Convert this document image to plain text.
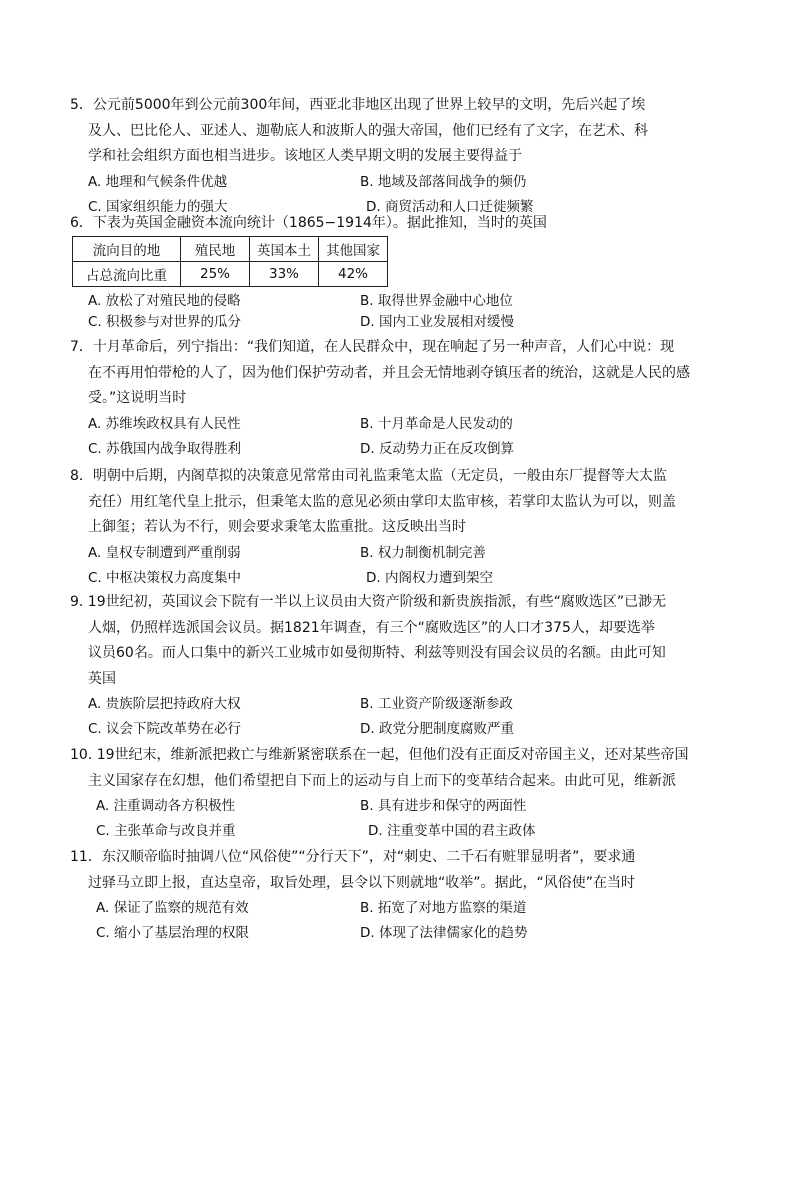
5．公元前5000年到公元前300年间，西亚北非地区出现了世界上较早的文明，先后兴起了埃
及人、巴比伦人、亚述人、迦勒底人和波斯人的强大帝国，他们已经有了文字，在艺术、科
学和社会组织方面也相当进步。该地区人类早期文明的发展主要得益于
A. 地理和气候条件优越	B. 地域及部落间战争的频仍
C. 国家组织能力的强大	D. 商贸活动和人口迁徙频繁
6．下表为英国金融资本流向统计（1865−1914年）。据此推知，当时的英国
流向目的地	殖民地	英国本土	其他国家
占总流向比重	25%	33%	42%
A. 放松了对殖民地的侵略	B. 取得世界金融中心地位
C. 积极参与对世界的瓜分	D. 国内工业发展相对缓慢
7．十月革命后，列宁指出：“我们知道，在人民群众中，现在响起了另一种声音，人们心中说：现
在不再用怕带枪的人了，因为他们保护劳动者，并且会无情地剥夺镇压者的统治，这就是人民的感
受。”这说明当时
A. 苏维埃政权具有人民性	B. 十月革命是人民发动的
C. 苏俄国内战争取得胜利	D. 反动势力正在反攻倒算
8．明朝中后期，内阁草拟的决策意见常常由司礼监秉笔太监（无定员，一般由东厂提督等大太监
充任）用红笔代皇上批示，但秉笔太监的意见必须由掌印太监审核，若掌印太监认为可以，则盖
上御玺；若认为不行，则会要求秉笔太监重批。这反映出当时
A. 皇权专制遭到严重削弱	B. 权力制衡机制完善
C. 中枢决策权力高度集中	D. 内阁权力遭到架空
9. 19世纪初，英国议会下院有一半以上议员由大资产阶级和新贵族指派，有些“腐败选区”已渺无
人烟，仍照样选派国会议员。据1821年调查，有三个“腐败选区”的人口才375人，却要选举
议员60名。而人口集中的新兴工业城市如曼彻斯特、利兹等则没有国会议员的名额。由此可知
英国
A. 贵族阶层把持政府大权	B. 工业资产阶级逐渐参政
C. 议会下院改革势在必行	D. 政党分肥制度腐败严重
10. 19世纪末，维新派把救亡与维新紧密联系在一起，但他们没有正面反对帝国主义，还对某些帝国
主义国家存在幻想，他们希望把自下而上的运动与自上而下的变革结合起来。由此可见，维新派
A. 注重调动各方积极性	B. 具有进步和保守的两面性
C. 主张革命与改良并重	D. 注重变革中国的君主政体
11．东汉顺帝临时抽调八位“风俗使”“分行天下”，对“刺史、二千石有赃罪显明者”，要求通
过驿马立即上报，直达皇帝，取旨处理，县令以下则就地“收举”。据此，“风俗使”在当时
A. 保证了监察的规范有效	B. 拓宽了对地方监察的渠道
C. 缩小了基层治理的权限	D. 体现了法律儒家化的趋势
